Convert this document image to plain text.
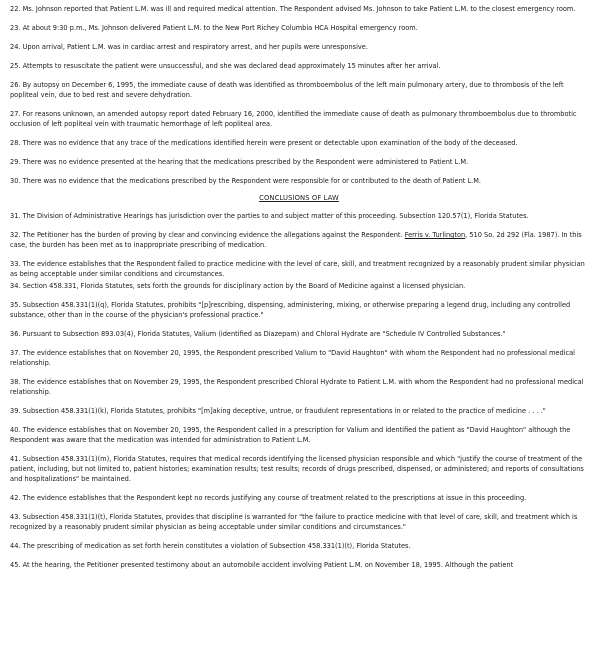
22. Ms. Johnson reported that Patient L.M. was ill and required medical attention. The Respondent advised Ms. Johnson to take Patient L.M. to the closest emergency room.

23. At about 9:30 p.m., Ms. Johnson delivered Patient L.M. to the New Port Richey Columbia HCA Hospital emergency room.

24. Upon arrival, Patient L.M. was in cardiac arrest and respiratory arrest, and her pupils were unresponsive.

25. Attempts to resuscitate the patient were unsuccessful, and she was declared dead approximately 15 minutes after her arrival.

26. By autopsy on December 6, 1995, the immediate cause of death was identified as thromboembolus of the left main pulmonary artery, due to thrombosis of the left popliteal vein, due to bed rest and severe dehydration.

27. For reasons unknown, an amended autopsy report dated February 16, 2000, identified the immediate cause of death as pulmonary thromboembolus due to thrombotic occlusion of left popliteal vein with traumatic hemorrhage of left popliteal area.

28. There was no evidence that any trace of the medications identified herein were present or detectable upon examination of the body of the deceased.

29. There was no evidence presented at the hearing that the medications prescribed by the Respondent were administered to Patient L.M.

30. There was no evidence that the medications prescribed by the Respondent were responsible for or contributed to the death of Patient L.M.

CONCLUSIONS OF LAW

31. The Division of Administrative Hearings has jurisdiction over the parties to and subject matter of this proceeding. Subsection 120.57(1), Florida Statutes.

32. The Petitioner has the burden of proving by clear and convincing evidence the allegations against the Respondent. Ferris v. Turlington, 510 So. 2d 292 (Fla. 1987). In this case, the burden has been met as to inappropriate prescribing of medication.

33. The evidence establishes that the Respondent failed to practice medicine with the level of care, skill, and treatment recognized by a reasonably prudent similar physician as being acceptable under similar conditions and circumstances.

34. Section 458.331, Florida Statutes, sets forth the grounds for disciplinary action by the Board of Medicine against a licensed physician.

35. Subsection 458.331(1)(q), Florida Statutes, prohibits "[p]rescribing, dispensing, administering, mixing, or otherwise preparing a legend drug, including any controlled substance, other than in the course of the physician's professional practice."

36. Pursuant to Subsection 893.03(4), Florida Statutes, Valium (identified as Diazepam) and Chloral Hydrate are "Schedule IV Controlled Substances."

37. The evidence establishes that on November 20, 1995, the Respondent prescribed Valium to "David Haughton" with whom the Respondent had no professional medical relationship.

38. The evidence establishes that on November 29, 1995, the Respondent prescribed Chloral Hydrate to Patient L.M. with whom the Respondent had no professional medical relationship.

39. Subsection 458.331(1)(k), Florida Statutes, prohibits "[m]aking deceptive, untrue, or fraudulent representations in or related to the practice of medicine . . . ."

40. The evidence establishes that on November 20, 1995, the Respondent called in a prescription for Valium and identified the patient as "David Haughton" although the Respondent was aware that the medication was intended for administration to Patient L.M.

41. Subsection 458.331(1)(m), Florida Statutes, requires that medical records identifying the licensed physician responsible and which "justify the course of treatment of the patient, including, but not limited to, patient histories; examination results; test results; records of drugs prescribed, dispensed, or administered; and reports of consultations and hospitalizations" be maintained.

42. The evidence establishes that the Respondent kept no records justifying any course of treatment related to the prescriptions at issue in this proceeding.

43. Subsection 458.331(1)(t), Florida Statutes, provides that discipline is warranted for "the failure to practice medicine with that level of care, skill, and treatment which is recognized by a reasonably prudent similar physician as being acceptable under similar conditions and circumstances."

44. The prescribing of medication as set forth herein constitutes a violation of Subsection 458.331(1)(t), Florida Statutes.

45. At the hearing, the Petitioner presented testimony about an automobile accident involving Patient L.M. on November 18, 1995. Although the patient
